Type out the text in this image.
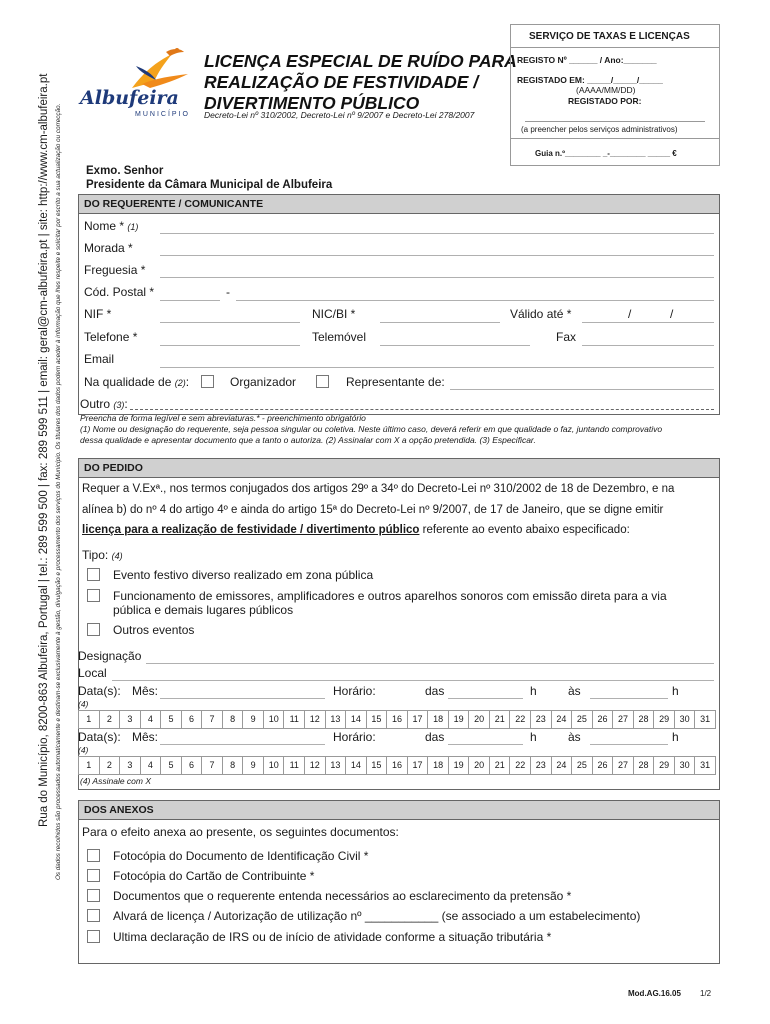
Rua do Município, 8200-863 Albufeira, Portugal | tel.: 289 599 500 | fax: 289 599 511 | email: geral@cm-albufeira.pt | site: http://www.cm-albufeira.pt Os dados recolhidos são processados automaticamente e destinam-se exclusivamente à gestão, divulgação e processamento dos serviços do Município. Os titulares dos dados podem aceder à informação que lhes respeite e solicitar por escrito a sua actualização ou correcção.
Albufeira
MUNICÍPIO
LICENÇA ESPECIAL DE RUÍDO PARA
REALIZAÇÃO DE FESTIVIDADE /
DIVERTIMENTO PÚBLICO
Decreto-Lei nº 310/2002, Decreto-Lei nº 9/2007 e Decreto-Lei 278/2007
SERVIÇO DE TAXAS E LICENÇAS
REGISTO Nº ______ / Ano:_______
REGISTADO EM: _____/_____/_____
(AAAA/MM/DD)
REGISTADO POR:
(a preencher pelos serviços administrativos)
Guia n.º________ _-________ _____ €
Exmo. Senhor
Presidente da Câmara Municipal de Albufeira
DO REQUERENTE / COMUNICANTE
Nome * (1)
Morada *
Freguesia *
Cód. Postal *	-
NIF *	NIC/BI *	Válido até *	/	/
Telefone *	Telemóvel	Fax
Email
Na qualidade de (2):	Organizador	Representante de:
Outro (3):
Preencha de forma legível e sem abreviaturas.* - preenchimento obrigatório
(1) Nome ou designação do requerente, seja pessoa singular ou coletiva. Neste último caso, deverá referir em que qualidade o faz, juntando comprovativo
dessa qualidade e apresentar documento que a tanto o autoriza. (2) Assinalar com X a opção pretendida. (3) Especificar.
DO PEDIDO
Requer a V.Exª., nos termos conjugados dos artigos 29º a 34º do Decreto-Lei nº 310/2002 de 18 de Dezembro, e na
alínea b) do nº 4 do artigo 4º e ainda do artigo 15ª do Decreto-Lei nº 9/2007, de 17 de Janeiro, que se digne emitir
licença para a realização de festividade / divertimento público referente ao evento abaixo especificado:
Tipo: (4)
Evento festivo diverso realizado em zona pública
Funcionamento de emissores, amplificadores e outros aparelhos sonoros com emissão direta para a via
pública e demais lugares públicos
Outros eventos
Designação
Local
Data(s): Mês:	Horário:	das	h	às	h
(4)
1	2	3	4	5	6	7	8	9	10	11	12	13	14	15	16	17	18	19	20	21	22	23	24	25	26	27	28	29	30	31
Data(s): Mês:	Horário:	das	h	às	h
(4)
1	2	3	4	5	6	7	8	9	10	11	12	13	14	15	16	17	18	19	20	21	22	23	24	25	26	27	28	29	30	31
(4) Assinale com X
DOS ANEXOS
Para o efeito anexa ao presente, os seguintes documentos:
Fotocópia do Documento de Identificação Civil *
Fotocópia do Cartão de Contribuinte *
Documentos que o requerente entenda necessários ao esclarecimento da pretensão *
Alvará de licença / Autorização de utilização nº ___________ (se associado a um estabelecimento)
Ultima declaração de IRS ou de início de atividade conforme a situação tributária *
Mod.AG.16.05 1/2
